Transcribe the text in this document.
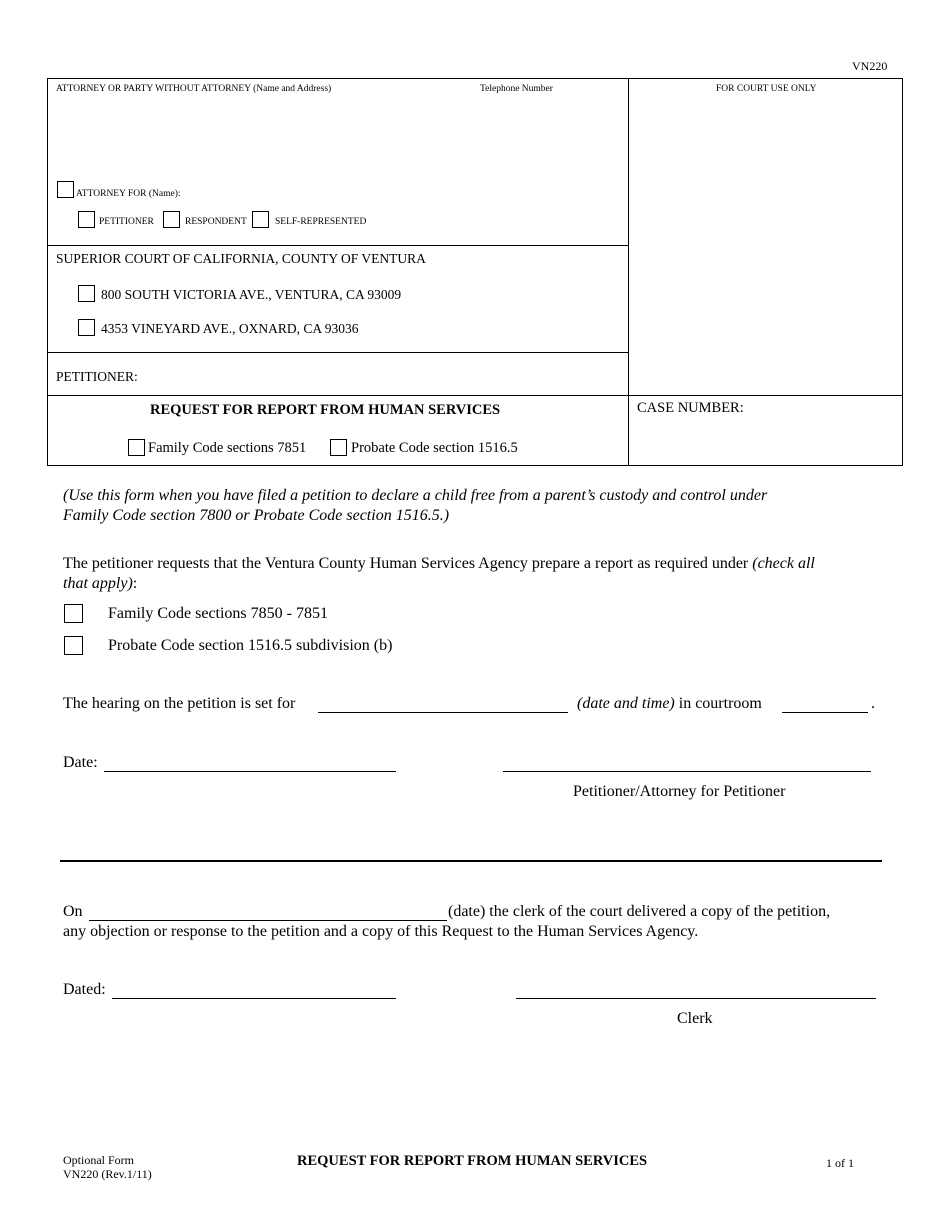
VN220
ATTORNEY OR PARTY WITHOUT ATTORNEY (Name and Address)	Telephone Number	FOR COURT USE ONLY
ATTORNEY FOR (Name):
PETITIONER	RESPONDENT	SELF-REPRESENTED
SUPERIOR COURT OF CALIFORNIA, COUNTY OF VENTURA
800 SOUTH VICTORIA AVE., VENTURA, CA 93009
4353 VINEYARD AVE., OXNARD, CA 93036
PETITIONER:
REQUEST FOR REPORT FROM HUMAN SERVICES	CASE NUMBER:
Family Code sections 7851	Probate Code section 1516.5
(Use this form when you have filed a petition to declare a child free from a parent’s custody and control under
Family Code section 7800 or Probate Code section 1516.5.)
The petitioner requests that the Ventura County Human Services Agency prepare a report as required under (check all
that apply):
Family Code sections 7850 - 7851
Probate Code section 1516.5 subdivision (b)
The hearing on the petition is set for	(date and time) in courtroom	.
Date:
Petitioner/Attorney for Petitioner
On	(date) the clerk of the court delivered a copy of the petition,
any objection or response to the petition and a copy of this Request to the Human Services Agency.
Dated:
Clerk
Optional Form
VN220 (Rev.1/11)
REQUEST FOR REPORT FROM HUMAN SERVICES	1 of 1
